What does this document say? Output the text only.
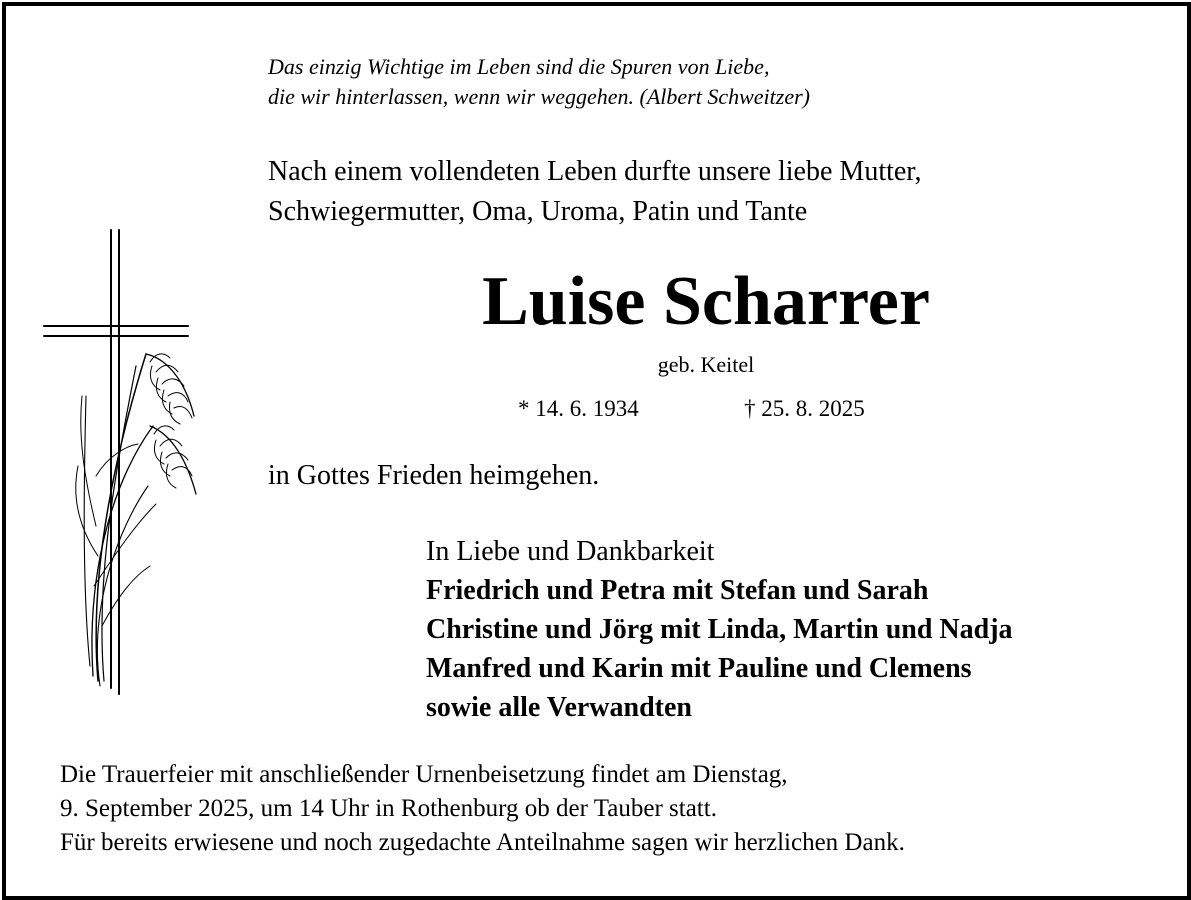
Das einzig Wichtige im Leben sind die Spuren von Liebe,
die wir hinterlassen, wenn wir weggehen. (Albert Schweitzer)
Nach einem vollendeten Leben durfte unsere liebe Mutter,
Schwiegermutter, Oma, Uroma, Patin und Tante
Luise Scharrer
geb. Keitel
* 14. 6. 1934	† 25. 8. 2025
in Gottes Frieden heimgehen.
In Liebe und Dankbarkeit
Friedrich und Petra mit Stefan und Sarah
Christine und Jörg mit Linda, Martin und Nadja
Manfred und Karin mit Pauline und Clemens
sowie alle Verwandten
Die Trauerfeier mit anschließender Urnenbeisetzung findet am Dienstag,
9. September 2025, um 14 Uhr in Rothenburg ob der Tauber statt.
Für bereits erwiesene und noch zugedachte Anteilnahme sagen wir herzlichen Dank.
